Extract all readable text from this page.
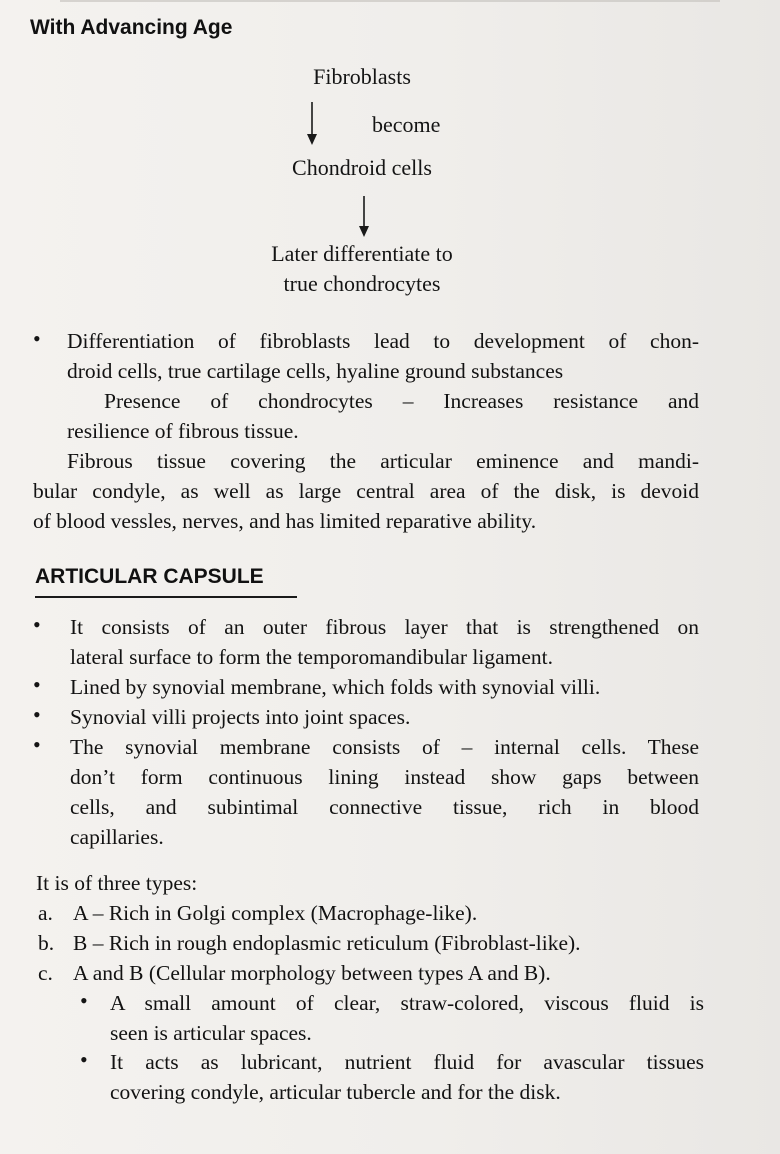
With Advancing Age
Fibroblasts
become
Chondroid cells
Later differentiate to
true chondrocytes
• Differentiation of fibroblasts lead to development of chon-
droid cells, true cartilage cells, hyaline ground substances
Presence of chondrocytes – Increases resistance and
resilience of fibrous tissue.
Fibrous tissue covering the articular eminence and mandi-
bular condyle, as well as large central area of the disk, is devoid
of blood vessles, nerves, and has limited reparative ability.
ARTICULAR CAPSULE
• It consists of an outer fibrous layer that is strengthened on
lateral surface to form the temporomandibular ligament.
• Lined by synovial membrane, which folds with synovial villi.
• Synovial villi projects into joint spaces.
• The synovial membrane consists of – internal cells. These
don’t form continuous lining instead show gaps between
cells, and subintimal connective tissue, rich in blood
capillaries.
It is of three types:
a. A – Rich in Golgi complex (Macrophage-like).
b. B – Rich in rough endoplasmic reticulum (Fibroblast-like).
c. A and B (Cellular morphology between types A and B).
• A small amount of clear, straw-colored, viscous fluid is
seen is articular spaces.
• It acts as lubricant, nutrient fluid for avascular tissues
covering condyle, articular tubercle and for the disk.
